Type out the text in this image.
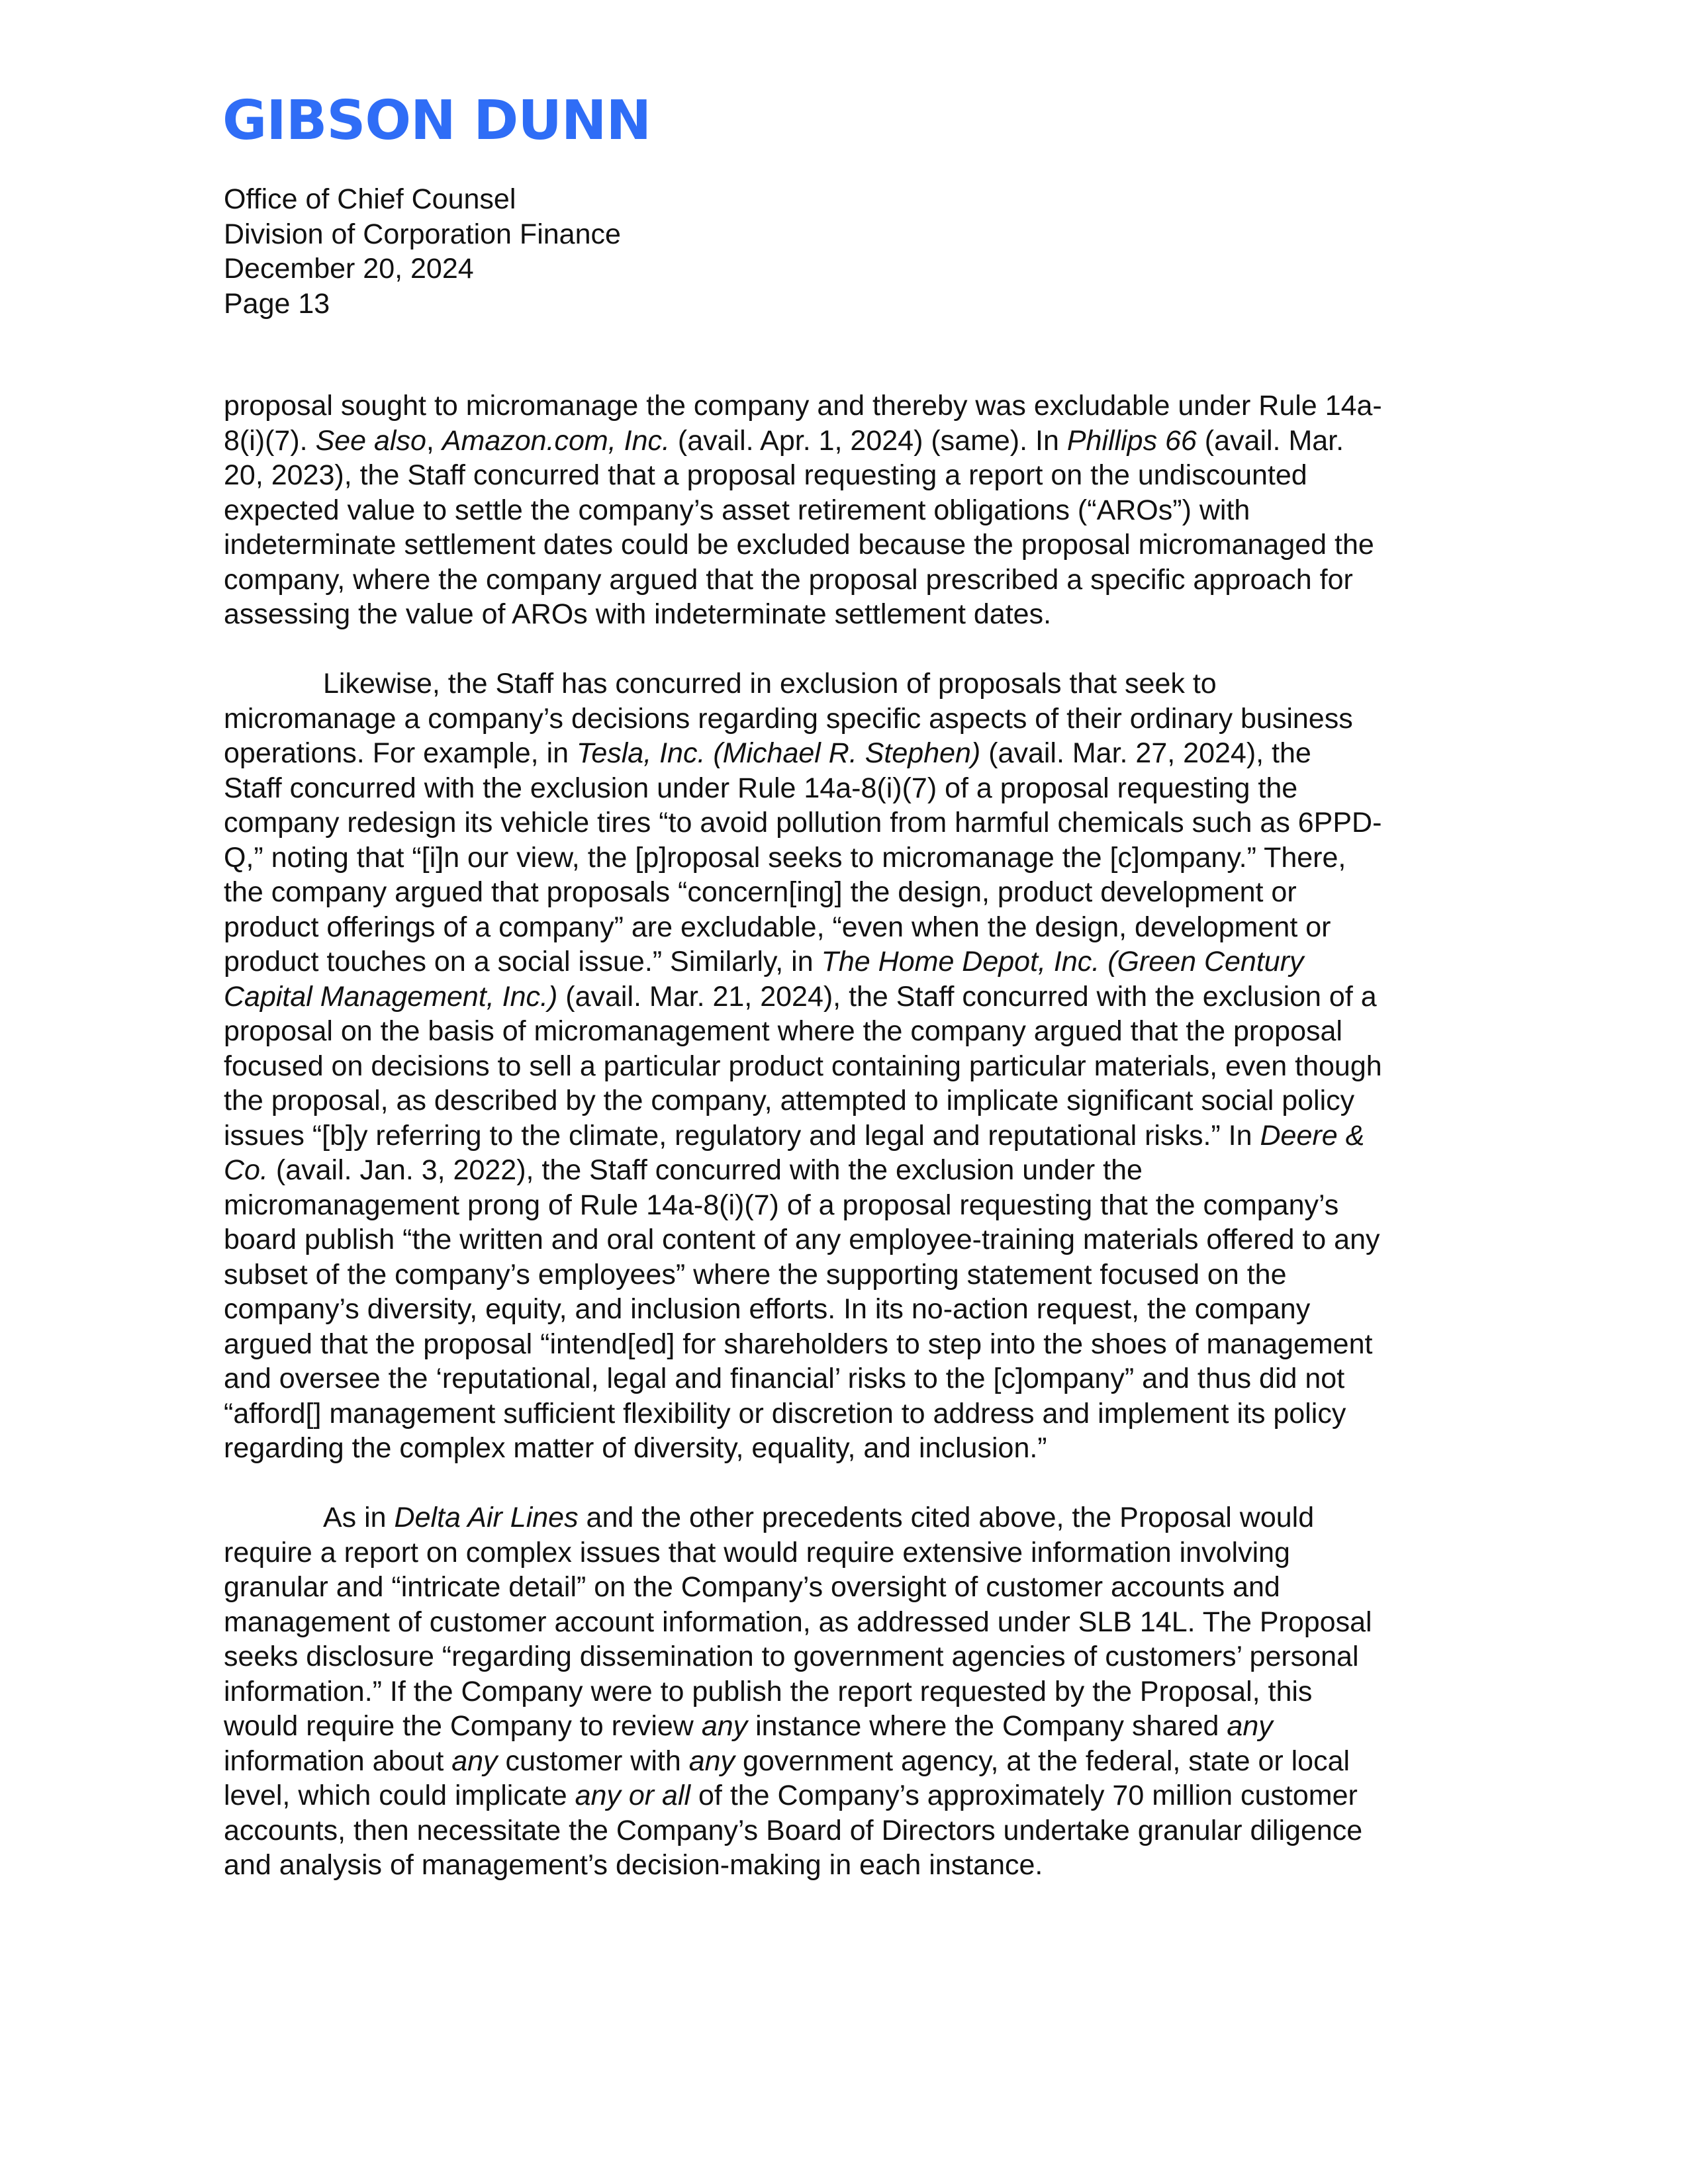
GIBSON DUNN
Office of Chief Counsel
Division of Corporation Finance
December 20, 2024
Page 13

proposal sought to micromanage the company and thereby was excludable under Rule 14a-
8(i)(7). See also, Amazon.com, Inc. (avail. Apr. 1, 2024) (same). In Phillips 66 (avail. Mar.
20, 2023), the Staff concurred that a proposal requesting a report on the undiscounted
expected value to settle the company’s asset retirement obligations (“AROs”) with
indeterminate settlement dates could be excluded because the proposal micromanaged the
company, where the company argued that the proposal prescribed a specific approach for
assessing the value of AROs with indeterminate settlement dates.

Likewise, the Staff has concurred in exclusion of proposals that seek to
micromanage a company’s decisions regarding specific aspects of their ordinary business
operations. For example, in Tesla, Inc. (Michael R. Stephen) (avail. Mar. 27, 2024), the
Staff concurred with the exclusion under Rule 14a-8(i)(7) of a proposal requesting the
company redesign its vehicle tires “to avoid pollution from harmful chemicals such as 6PPD-
Q,” noting that “[i]n our view, the [p]roposal seeks to micromanage the [c]ompany.” There,
the company argued that proposals “concern[ing] the design, product development or
product offerings of a company” are excludable, “even when the design, development or
product touches on a social issue.” Similarly, in The Home Depot, Inc. (Green Century
Capital Management, Inc.) (avail. Mar. 21, 2024), the Staff concurred with the exclusion of a
proposal on the basis of micromanagement where the company argued that the proposal
focused on decisions to sell a particular product containing particular materials, even though
the proposal, as described by the company, attempted to implicate significant social policy
issues “[b]y referring to the climate, regulatory and legal and reputational risks.” In Deere &
Co. (avail. Jan. 3, 2022), the Staff concurred with the exclusion under the
micromanagement prong of Rule 14a-8(i)(7) of a proposal requesting that the company’s
board publish “the written and oral content of any employee-training materials offered to any
subset of the company’s employees” where the supporting statement focused on the
company’s diversity, equity, and inclusion efforts. In its no-action request, the company
argued that the proposal “intend[ed] for shareholders to step into the shoes of management
and oversee the ‘reputational, legal and financial’ risks to the [c]ompany” and thus did not
“afford[] management sufficient flexibility or discretion to address and implement its policy
regarding the complex matter of diversity, equality, and inclusion.”

As in Delta Air Lines and the other precedents cited above, the Proposal would
require a report on complex issues that would require extensive information involving
granular and “intricate detail” on the Company’s oversight of customer accounts and
management of customer account information, as addressed under SLB 14L. The Proposal
seeks disclosure “regarding dissemination to government agencies of customers’ personal
information.” If the Company were to publish the report requested by the Proposal, this
would require the Company to review any instance where the Company shared any
information about any customer with any government agency, at the federal, state or local
level, which could implicate any or all of the Company’s approximately 70 million customer
accounts, then necessitate the Company’s Board of Directors undertake granular diligence
and analysis of management’s decision-making in each instance.
